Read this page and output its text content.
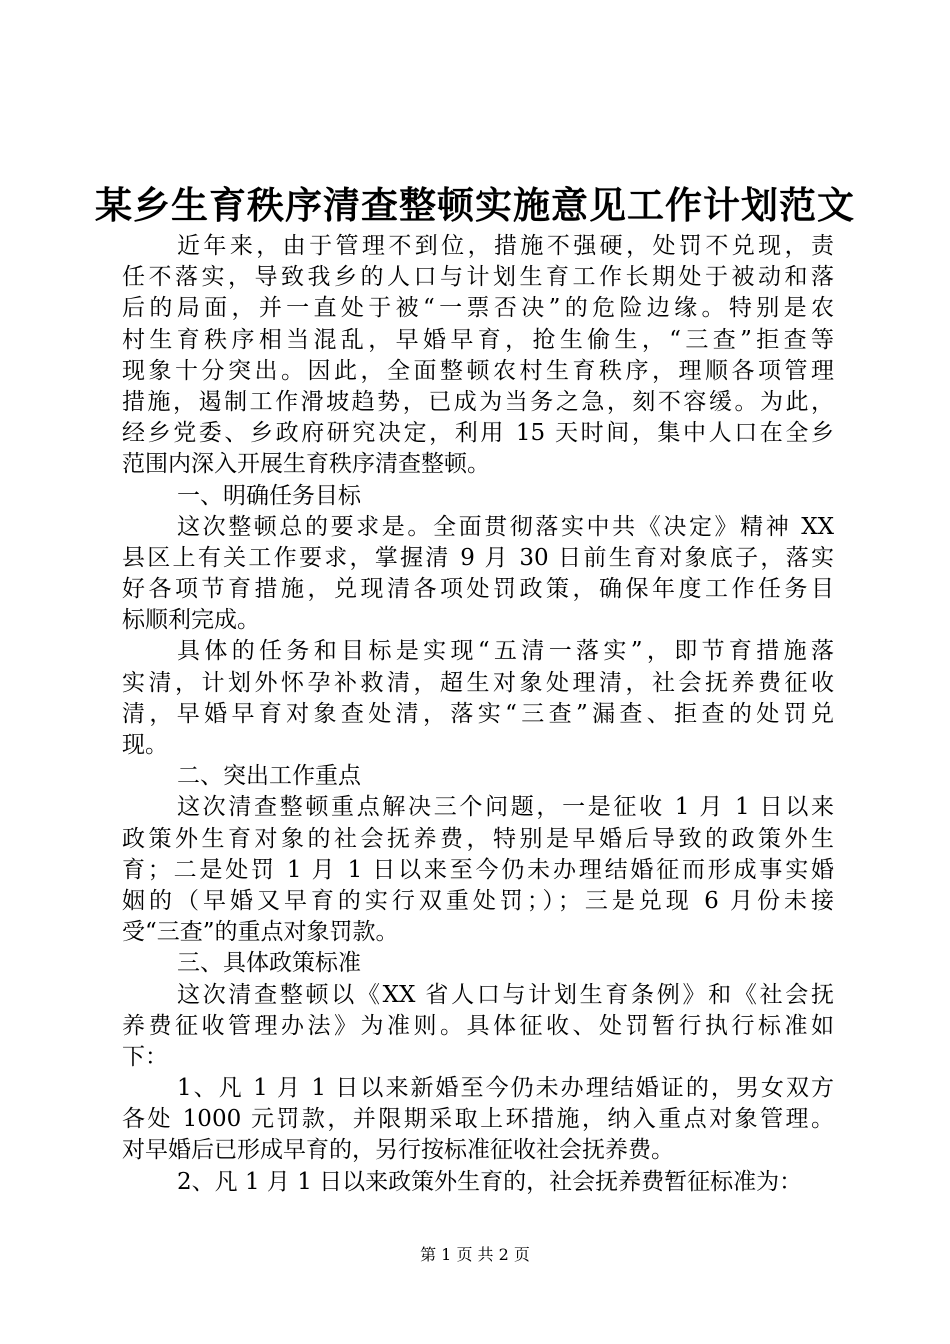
某乡生育秩序清查整顿实施意见工作计划范文
近年来，由于管理不到位，措施不强硬，处罚不兑现，责
任不落实，导致我乡的人口与计划生育工作长期处于被动和落
后的局面，并一直处于被“一票否决”的危险边缘。特别是农
村生育秩序相当混乱，早婚早育，抢生偷生，“三查”拒查等
现象十分突出。因此，全面整顿农村生育秩序，理顺各项管理
措施，遏制工作滑坡趋势，已成为当务之急，刻不容缓。为此，
经乡党委、乡政府研究决定，利用 15 天时间，集中人口在全乡
范围内深入开展生育秩序清查整顿。
一、明确任务目标
这次整顿总的要求是。全面贯彻落实中共《决定》精神 XX
县区上有关工作要求，掌握清 9 月 30 日前生育对象底子，落实
好各项节育措施，兑现清各项处罚政策，确保年度工作任务目
标顺利完成。
具体的任务和目标是实现“五清一落实”，即节育措施落
实清，计划外怀孕补救清，超生对象处理清，社会抚养费征收
清，早婚早育对象查处清，落实“三查”漏查、拒查的处罚兑
现。
二、突出工作重点
这次清查整顿重点解决三个问题，一是征收 1 月 1 日以来
政策外生育对象的社会抚养费，特别是早婚后导致的政策外生
育；二是处罚 1 月 1 日以来至今仍未办理结婚征而形成事实婚
姻的（早婚又早育的实行双重处罚；）；三是兑现 6 月份未接
受“三查”的重点对象罚款。
三、具体政策标准
这次清查整顿以《XX 省人口与计划生育条例》和《社会抚
养费征收管理办法》为准则。具体征收、处罚暂行执行标准如
下：
1、凡 1 月 1 日以来新婚至今仍未办理结婚证的，男女双方
各处 1000 元罚款，并限期采取上环措施，纳入重点对象管理。
对早婚后已形成早育的，另行按标准征收社会抚养费。
2、凡 1 月 1 日以来政策外生育的，社会抚养费暂征标准为：
第 1 页 共 2 页
